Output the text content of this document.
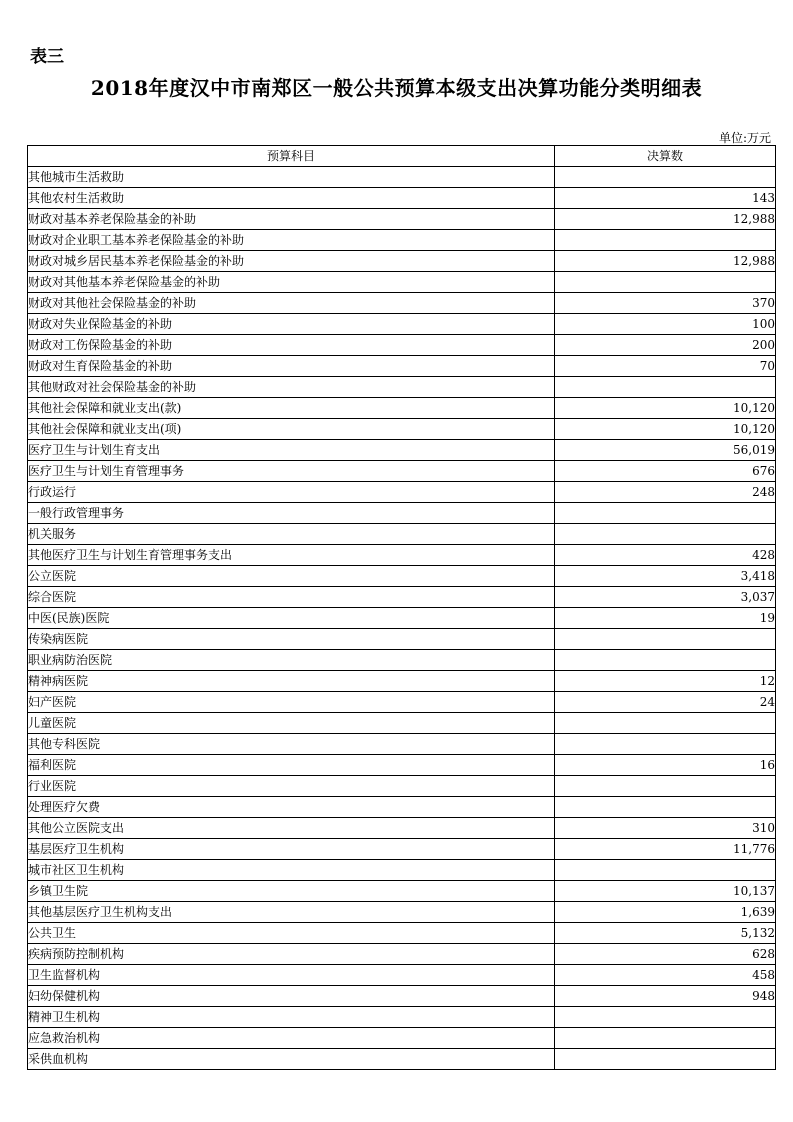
表三
2018年度汉中市南郑区一般公共预算本级支出决算功能分类明细表
单位:万元
预算科目	决算数
其他城市生活救助	
其他农村生活救助	143
财政对基本养老保险基金的补助	12,988
财政对企业职工基本养老保险基金的补助	
财政对城乡居民基本养老保险基金的补助	12,988
财政对其他基本养老保险基金的补助	
财政对其他社会保险基金的补助	370
财政对失业保险基金的补助	100
财政对工伤保险基金的补助	200
财政对生育保险基金的补助	70
其他财政对社会保险基金的补助	
其他社会保障和就业支出(款)	10,120
其他社会保障和就业支出(项)	10,120
医疗卫生与计划生育支出	56,019
医疗卫生与计划生育管理事务	676
行政运行	248
一般行政管理事务	
机关服务	
其他医疗卫生与计划生育管理事务支出	428
公立医院	3,418
综合医院	3,037
中医(民族)医院	19
传染病医院	
职业病防治医院	
精神病医院	12
妇产医院	24
儿童医院	
其他专科医院	
福利医院	16
行业医院	
处理医疗欠费	
其他公立医院支出	310
基层医疗卫生机构	11,776
城市社区卫生机构	
乡镇卫生院	10,137
其他基层医疗卫生机构支出	1,639
公共卫生	5,132
疾病预防控制机构	628
卫生监督机构	458
妇幼保健机构	948
精神卫生机构	
应急救治机构	
采供血机构	
